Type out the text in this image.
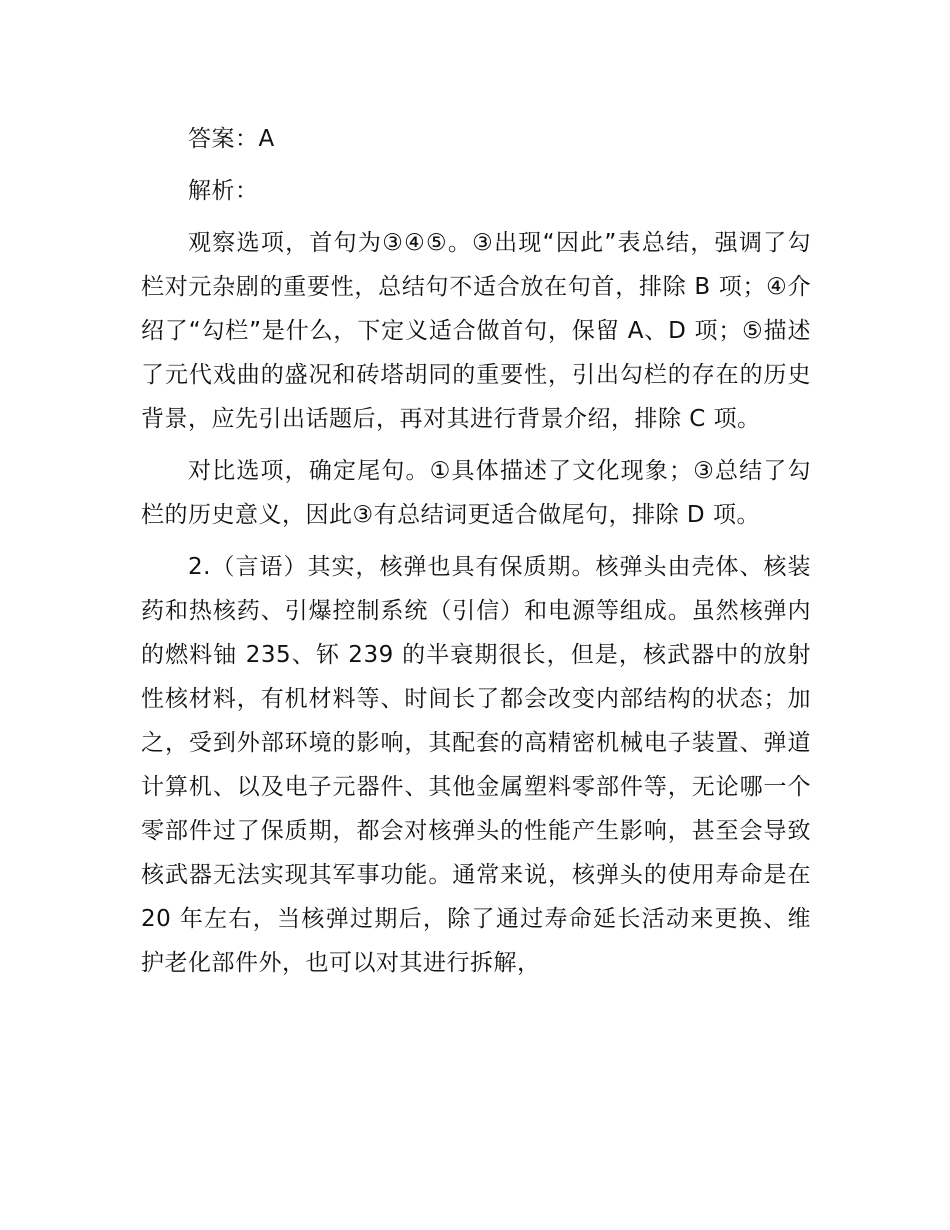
答案：A

解析：

观察选项，首句为③④⑤。③出现“因此”表总结，强调了勾栏对元杂剧的重要性，总结句不适合放在句首，排除 B 项；④介绍了“勾栏”是什么，下定义适合做首句，保留 A、D 项；⑤描述了元代戏曲的盛况和砖塔胡同的重要性，引出勾栏的存在的历史背景，应先引出话题后，再对其进行背景介绍，排除 C 项。

对比选项，确定尾句。①具体描述了文化现象；③总结了勾栏的历史意义，因此③有总结词更适合做尾句，排除 D 项。

2.（言语）其实，核弹也具有保质期。核弹头由壳体、核装药和热核药、引爆控制系统（引信）和电源等组成。虽然核弹内的燃料铀 235、钚 239 的半衰期很长，但是，核武器中的放射性核材料，有机材料等、时间长了都会改变内部结构的状态；加之，受到外部环境的影响，其配套的高精密机械电子装置、弹道计算机、以及电子元器件、其他金属塑料零部件等，无论哪一个零部件过了保质期，都会对核弹头的性能产生影响，甚至会导致核武器无法实现其军事功能。通常来说，核弹头的使用寿命是在 20 年左右，当核弹过期后，除了通过寿命延长活动来更换、维护老化部件外，也可以对其进行拆解，
